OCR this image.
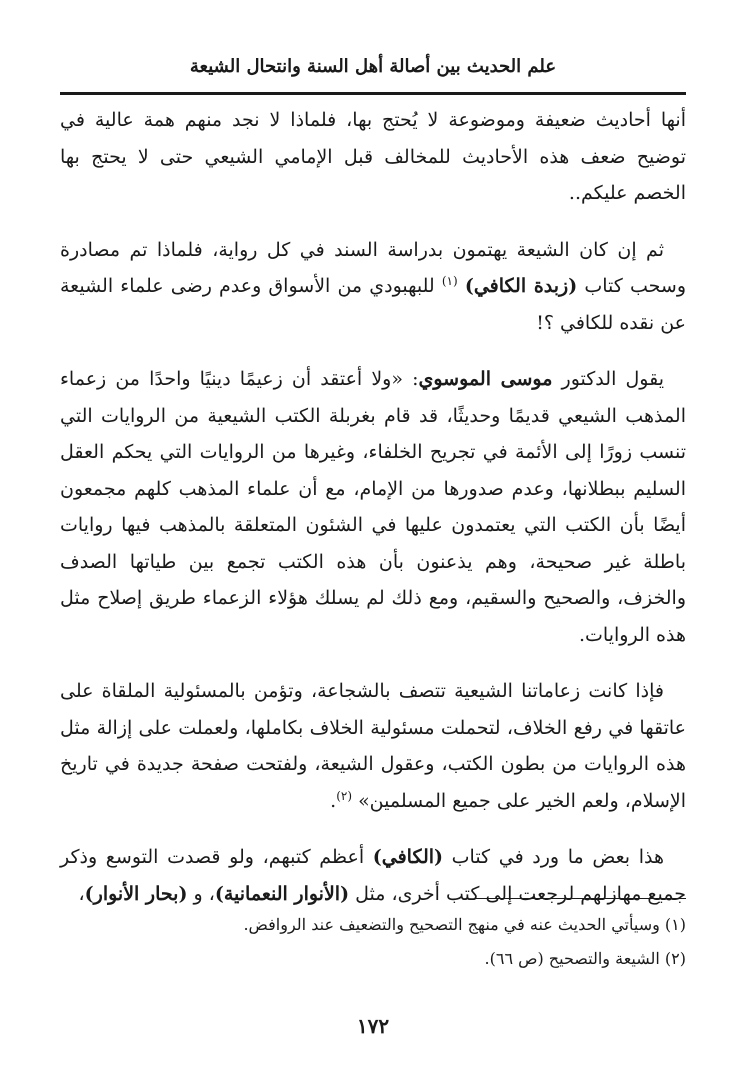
علم الحديث بين أصالة أهل السنة وانتحال الشيعة

أنها أحاديث ضعيفة وموضوعة لا يُحتج بها، فلماذا لا نجد منهم همة عالية في توضيح ضعف هذه الأحاديث للمخالف قبل الإمامي الشيعي حتى لا يحتج بها الخصم عليكم..

ثم إن كان الشيعة يهتمون بدراسة السند في كل رواية، فلماذا تم مصادرة وسحب كتاب (زبدة الكافي) $^{(١)}$ للبهبودي من الأسواق وعدم رضى علماء الشيعة عن نقده للكافي ؟!

يقول الدكتور موسى الموسوي: «ولا أعتقد أن زعيمًا دينيًا واحدًا من زعماء المذهب الشيعي قديمًا وحديثًا، قد قام بغربلة الكتب الشيعية من الروايات التي تنسب زورًا إلى الأئمة في تجريح الخلفاء، وغيرها من الروايات التي يحكم العقل السليم ببطلانها، وعدم صدورها من الإمام، مع أن علماء المذهب كلهم مجمعون أيضًا بأن الكتب التي يعتمدون عليها في الشئون المتعلقة بالمذهب فيها روايات باطلة غير صحيحة، وهم يذعنون بأن هذه الكتب تجمع بين طياتها الصدف والخزف، والصحيح والسقيم، ومع ذلك لم يسلك هؤلاء الزعماء طريق إصلاح مثل هذه الروايات.

فإذا كانت زعاماتنا الشيعية تتصف بالشجاعة، وتؤمن بالمسئولية الملقاة على عاتقها في رفع الخلاف، لتحملت مسئولية الخلاف بكاملها، ولعملت على إزالة مثل هذه الروايات من بطون الكتب، وعقول الشيعة، ولفتحت صفحة جديدة في تاريخ الإسلام، ولعم الخير على جميع المسلمين» $^{(٢)}$.

هذا بعض ما ورد في كتاب (الكافي) أعظم كتبهم، ولو قصدت التوسع وذكر جميع مهازلهم لرجعت إلى كتب أخرى، مثل (الأنوار النعمانية)، و (بحار الأنوار)،

(١) وسيأتي الحديث عنه في منهج التصحيح والتضعيف عند الروافض.

(٢) الشيعة والتصحيح (ص ٦٦).

١٧٢
